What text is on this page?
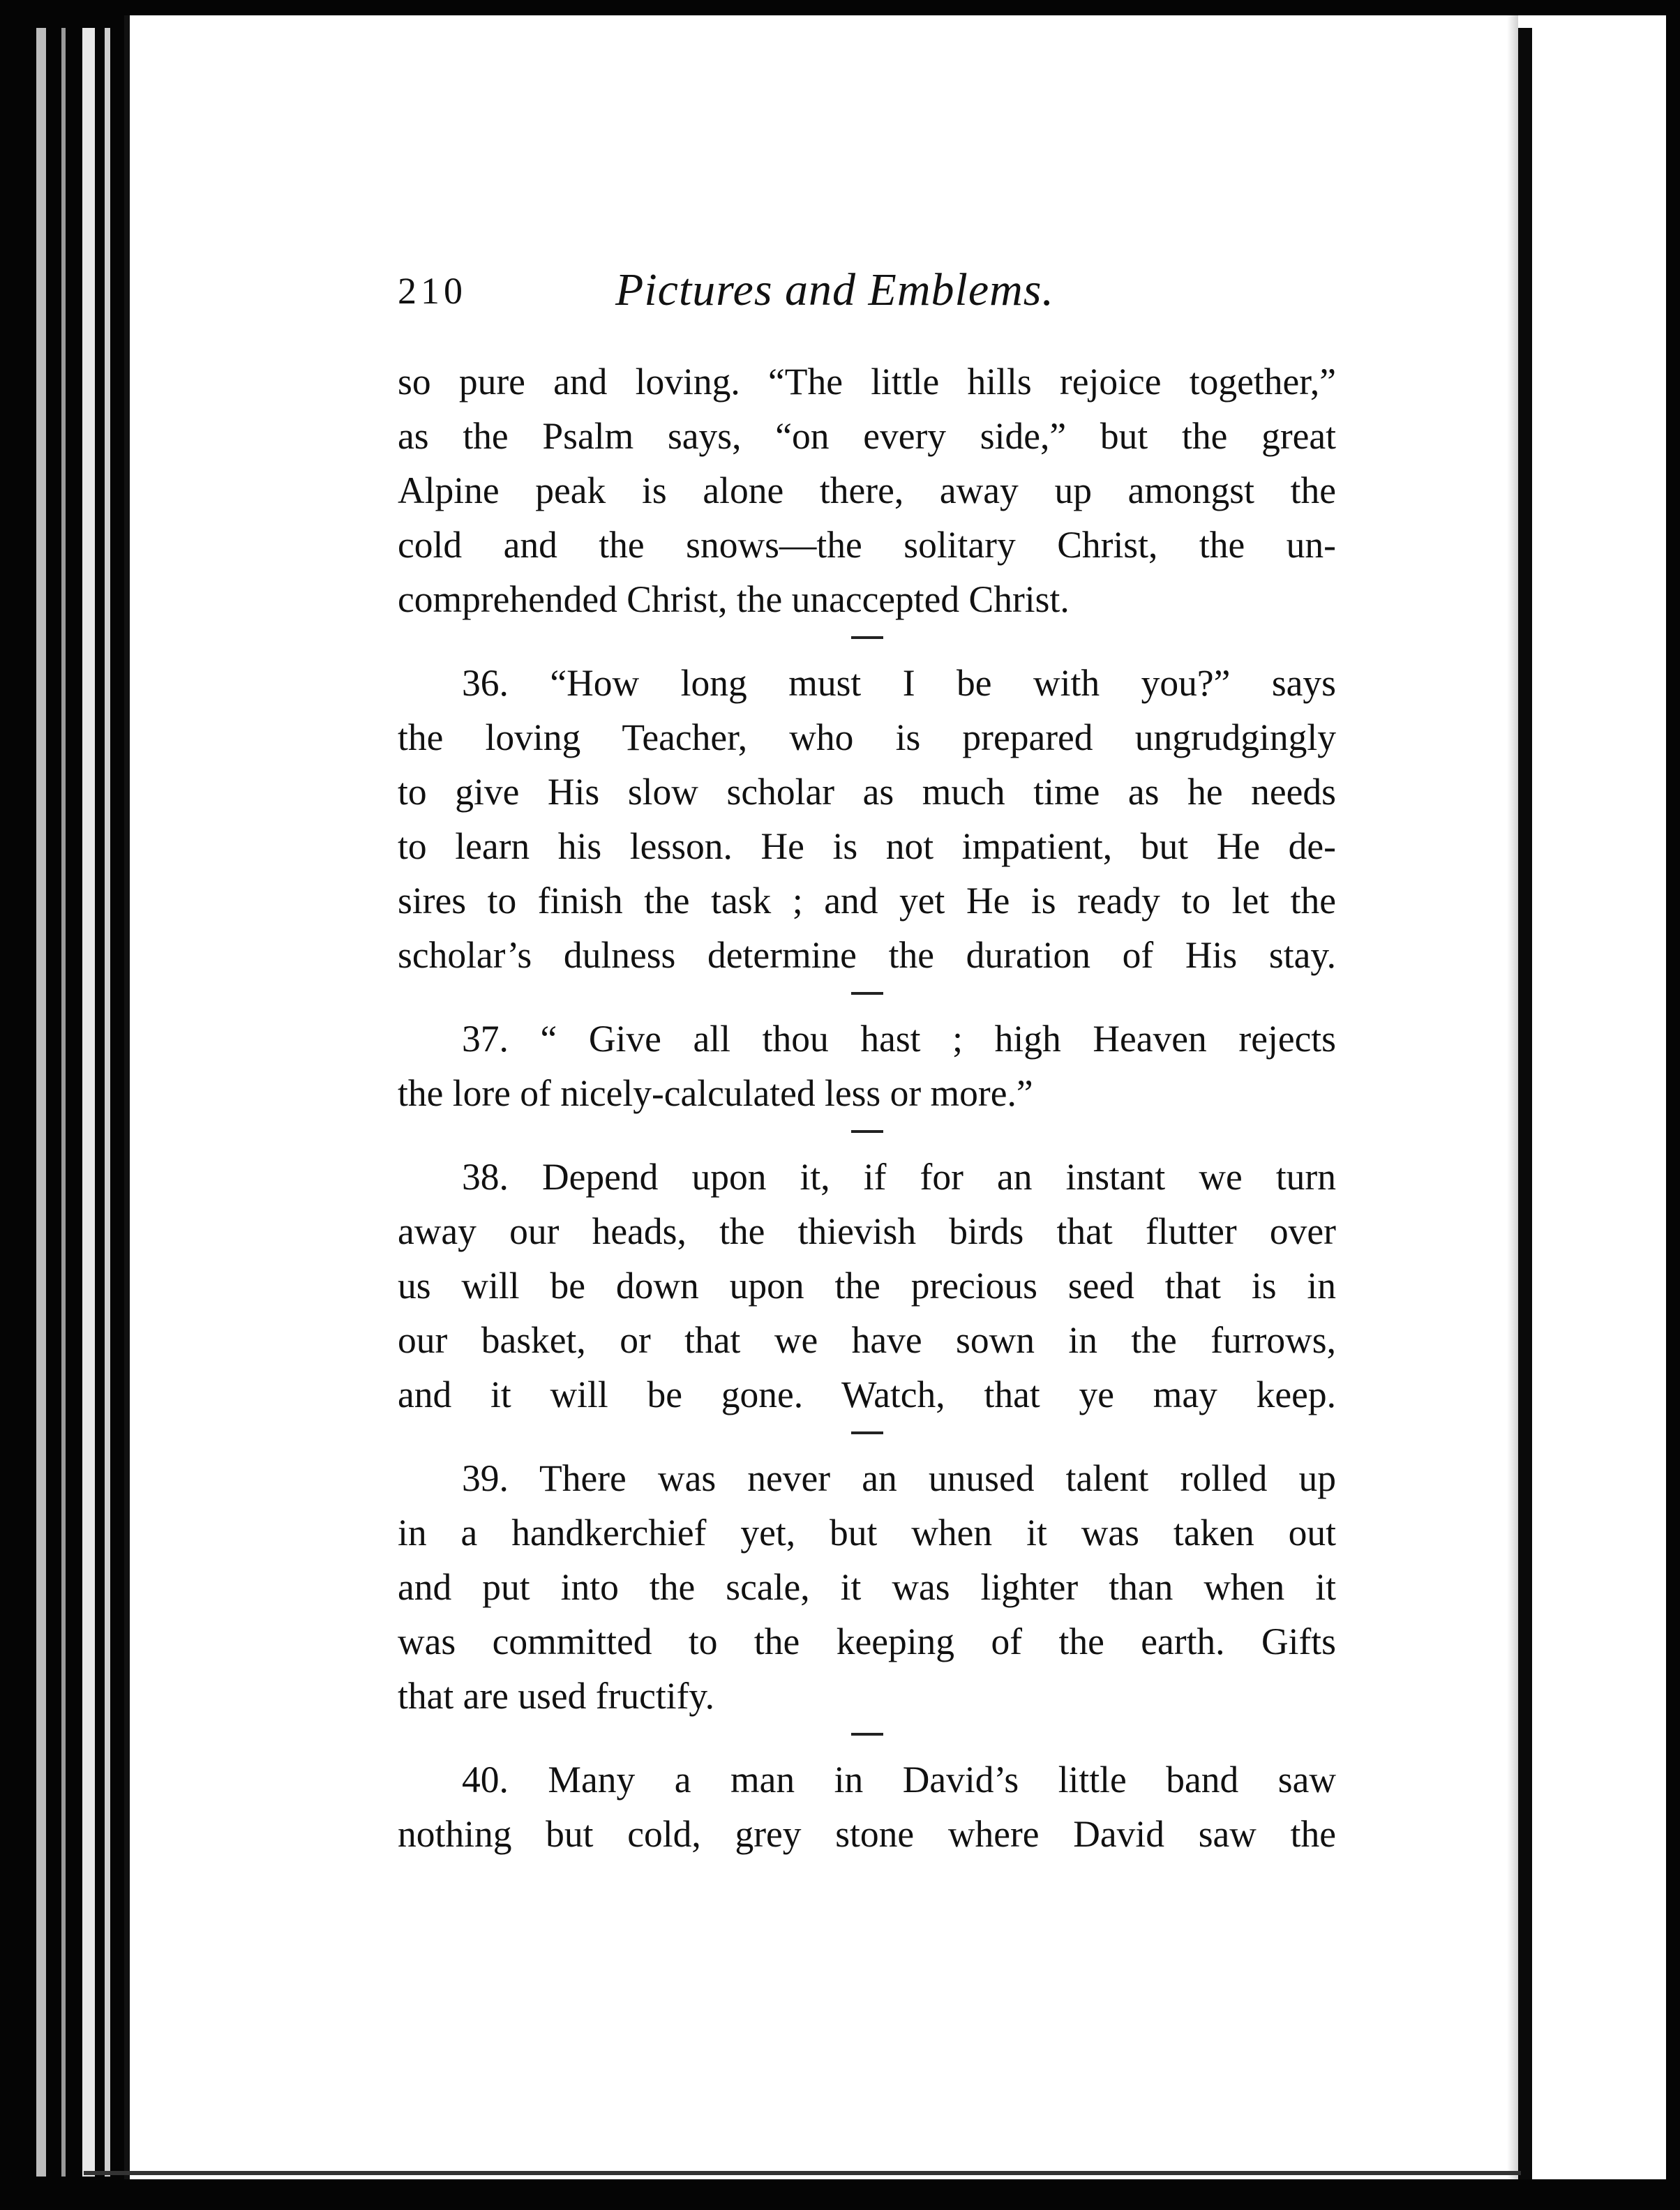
210	Pictures and Emblems.

so pure and loving. “The little hills rejoice together,”

as the Psalm says, “on every side,” but the great

Alpine peak is alone there, away up amongst the

cold and the snows—the solitary Christ, the un-

comprehended Christ, the unaccepted Christ.

36. “How long must I be with you?” says

the loving Teacher, who is prepared ungrudgingly

to give His slow scholar as much time as he needs

to learn his lesson. He is not impatient, but He de-

sires to finish the task ; and yet He is ready to let the

scholar’s dulness determine the duration of His stay.

37. “ Give all thou hast ; high Heaven rejects

the lore of nicely-calculated less or more.”

38. Depend upon it, if for an instant we turn

away our heads, the thievish birds that flutter over

us will be down upon the precious seed that is in

our basket, or that we have sown in the furrows,

and it will be gone. Watch, that ye may keep.

39. There was never an unused talent rolled up

in a handkerchief yet, but when it was taken out

and put into the scale, it was lighter than when it

was committed to the keeping of the earth. Gifts

that are used fructify.

40. Many a man in David’s little band saw

nothing but cold, grey stone where David saw the
